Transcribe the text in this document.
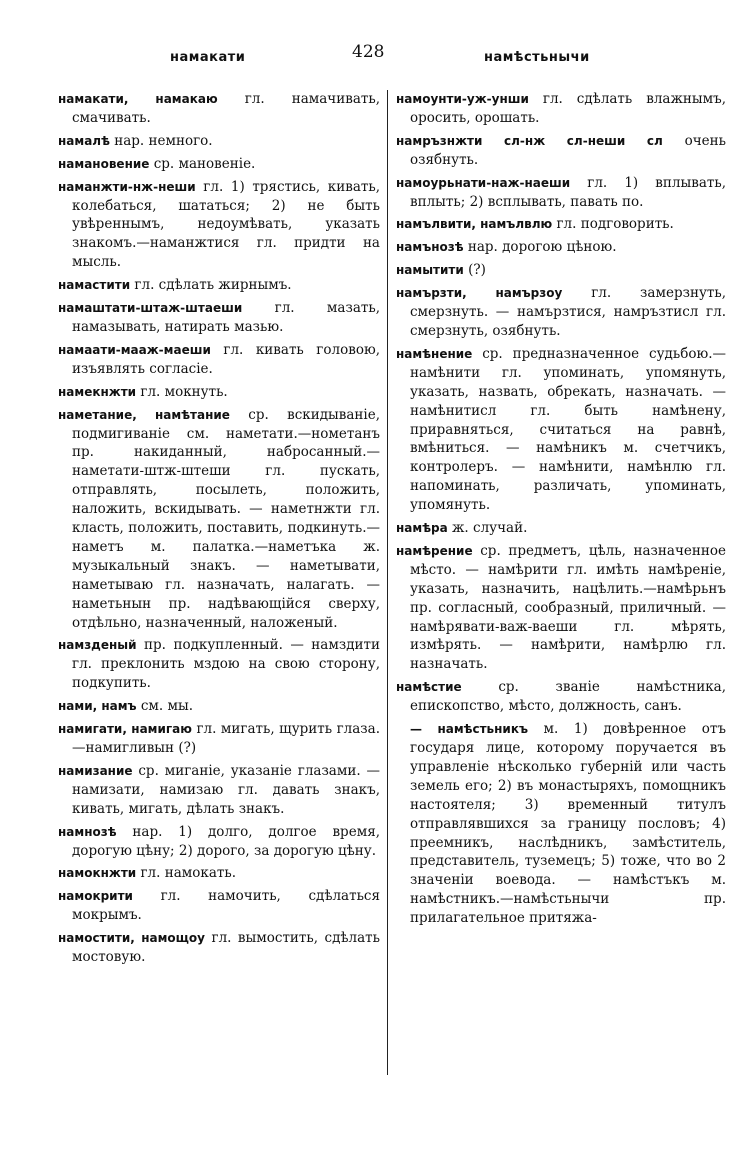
намакати	428	намѣстьнычи
намакати, намакаю гл. намачивать, смачивать.
намалѣ нар. немного.
намановение ср. мановеніе.
наманжти-нж-неши гл. 1) трястись, кивать, колебаться, шататься; 2) не быть увѣреннымъ, недоумѣвать, указать знакомъ.—наманжтися гл. придти на мысль.
намастити гл. сдѣлать жирнымъ.
намаштати-штаж-штаеши гл. мазать, намазывать, натирать мазью.
намаати-мааж-маеши гл. кивать головою, изъявлять согласіе.
намекнжти гл. мокнуть.
наметание, намѣтание ср. вскидываніе, подмигиваніе см. наметати.—нометанъ пр. накиданный, наброcанный.—наметати-штж-штеши гл. пускать, отправлять, посылеть, положить, наложить, вскидывать. — наметнжти гл. класть, положить, поставить, подкинуть.—наметъ м. палатка.—наметъка ж. музыкальный знакъ. — наметывати, наметываю гл. назначать, налагать. — наметьнын пр. надѣвающійся сверху, отдѣльно, назначенный, наложеный.
намзденый пр. подкупленный. — намздити гл. преклонить мздою на свою сторону, подкупить.
нами, намъ см. мы.
намигати, намигаю гл. мигать, щурить глаза.—намигливын (?)
намизание ср. миганіе, указаніе глазами. — намизати, намизаю гл. давать знакъ, кивать, мигать, дѣлать знакъ.
намнозѣ нар. 1) долго, долгое время, дорогую цѣну; 2) дорого, за дорогую цѣну.
намокнжти гл. намокать.
намокрити гл. намочить, сдѣлаться мокрымъ.
намостити, намощоу гл. вымостить, сдѣлать мостовую.
намоунти-уж-унши гл. сдѣлать влажнымъ, оросить, орошать.
намръзнжти сл-нж сл-неши сл очень озябнуть.
намоурьнати-наж-наеши гл. 1) вплывать, вплыть; 2) всплывать, павать по.
намълвити, намълвлю гл. подговорить.
намънозѣ нар. дорогою цѣною.
намытити (?)
намързти, намързоу гл. замерзнуть, смерзнуть. — намързтися, намръзтисл гл. смерзнуть, озябнуть.
намѣнение ср. предназначенное судьбою.—намѣнити гл. упоминать, упомянуть, указать, назвать, обрекать, назначать. — намѣнитисл гл. быть намѣнену, приравняться, считаться на равнѣ, вмѣниться. — намѣникъ м. счетчикъ, контролеръ. — намѣнити, намѣнлю гл. напоминать, различать, упоминать, упомянуть.
намѣра ж. случай.
намѣрение ср. предметъ, цѣль, назначенное мѣсто. — намѣрити гл. имѣть намѣреніе, указать, назначить, нацѣлить.—намѣрьнъ пр. согласный, сообразный, приличный. — намѣрявати-важ-ваеши гл. мѣрять, измѣрять. — намѣрити, намѣрлю гл. назначать.
намѣстие ср. званіе намѣстника, епископство, мѣсто, должность, санъ.
— намѣстьникъ м. 1) довѣренное отъ государя лице, которому поручается въ управленіе нѣсколько губерній или часть земель его; 2) въ монастыряхъ, помощникъ настоятеля; 3) временный титулъ отправлявшихся за границу пословъ; 4) преемникъ, наслѣдникъ, замѣститель, представитель, туземецъ; 5) тоже, что во 2 значеніи воевода. — намѣстъкъ м. намѣстникъ.—намѣстьнычи пр. прилагательное притяжа-
